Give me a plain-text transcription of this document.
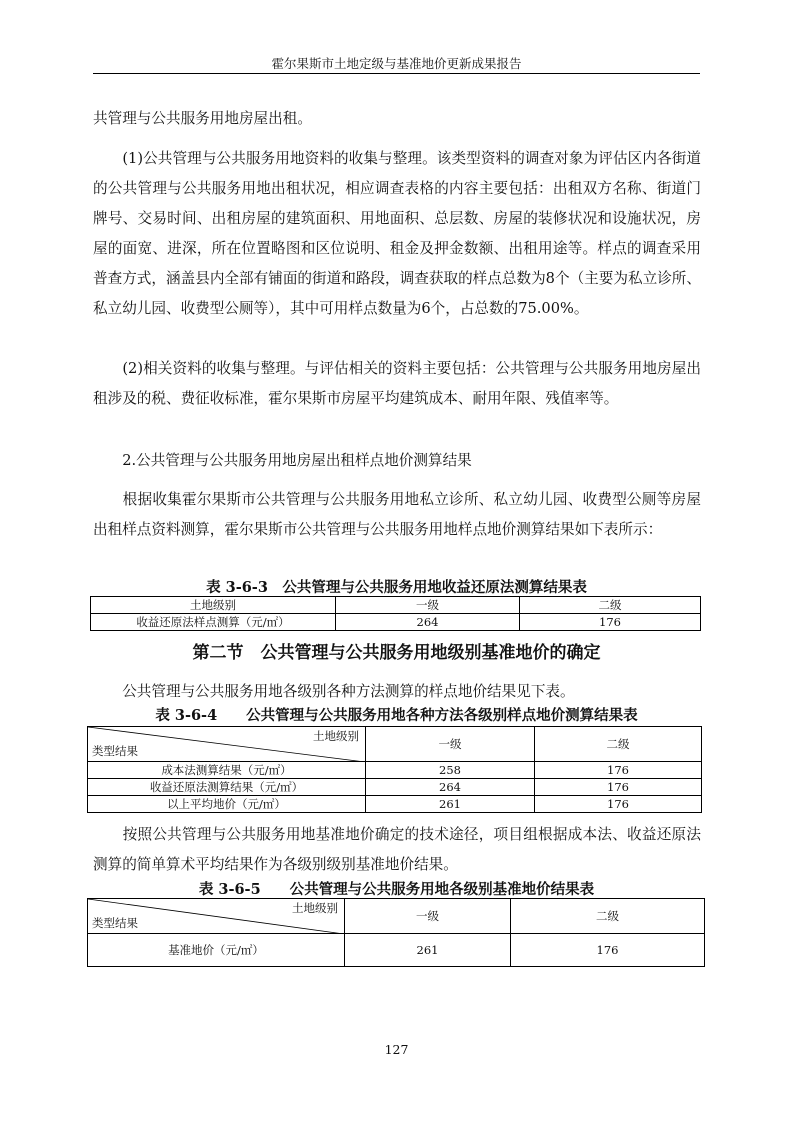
霍尔果斯市土地定级与基准地价更新成果报告

共管理与公共服务用地房屋出租。

　　(1)公共管理与公共服务用地资料的收集与整理。该类型资料的调查对象为评估区内各街道的公共管理与公共服务用地出租状况，相应调查表格的内容主要包括：出租双方名称、街道门牌号、交易时间、出租房屋的建筑面积、用地面积、总层数、房屋的装修状况和设施状况，房屋的面宽、进深，所在位置略图和区位说明、租金及押金数额、出租用途等。样点的调查采用普查方式，涵盖县内全部有铺面的街道和路段，调查获取的样点总数为8个（主要为私立诊所、私立幼儿园、收费型公厕等），其中可用样点数量为6个，占总数的75.00%。

　　(2)相关资料的收集与整理。与评估相关的资料主要包括：公共管理与公共服务用地房屋出租涉及的税、费征收标准，霍尔果斯市房屋平均建筑成本、耐用年限、残值率等。

　　2.公共管理与公共服务用地房屋出租样点地价测算结果

　　根据收集霍尔果斯市公共管理与公共服务用地私立诊所、私立幼儿园、收费型公厕等房屋出租样点资料测算，霍尔果斯市公共管理与公共服务用地样点地价测算结果如下表所示：

表 3-6-3　公共管理与公共服务用地收益还原法测算结果表
土地级别	一级	二级
收益还原法样点测算（元/㎡）	264	176
第二节　公共管理与公共服务用地级别基准地价的确定

　　公共管理与公共服务用地各级别各种方法测算的样点地价结果见下表。

表 3-6-4　　公共管理与公共服务用地各种方法各级别样点地价测算结果表
土地级别
类型结果	一级	二级
成本法测算结果（元/㎡）	258	176
收益还原法测算结果（元/㎡）	264	176
以上平均地价（元/㎡）	261	176

　　按照公共管理与公共服务用地基准地价确定的技术途径，项目组根据成本法、收益还原法测算的简单算术平均结果作为各级别级别基准地价结果。

表 3-6-5　　公共管理与公共服务用地各级别基准地价结果表
土地级别
类型结果	一级	二级
基准地价（元/㎡）	261	176
127
